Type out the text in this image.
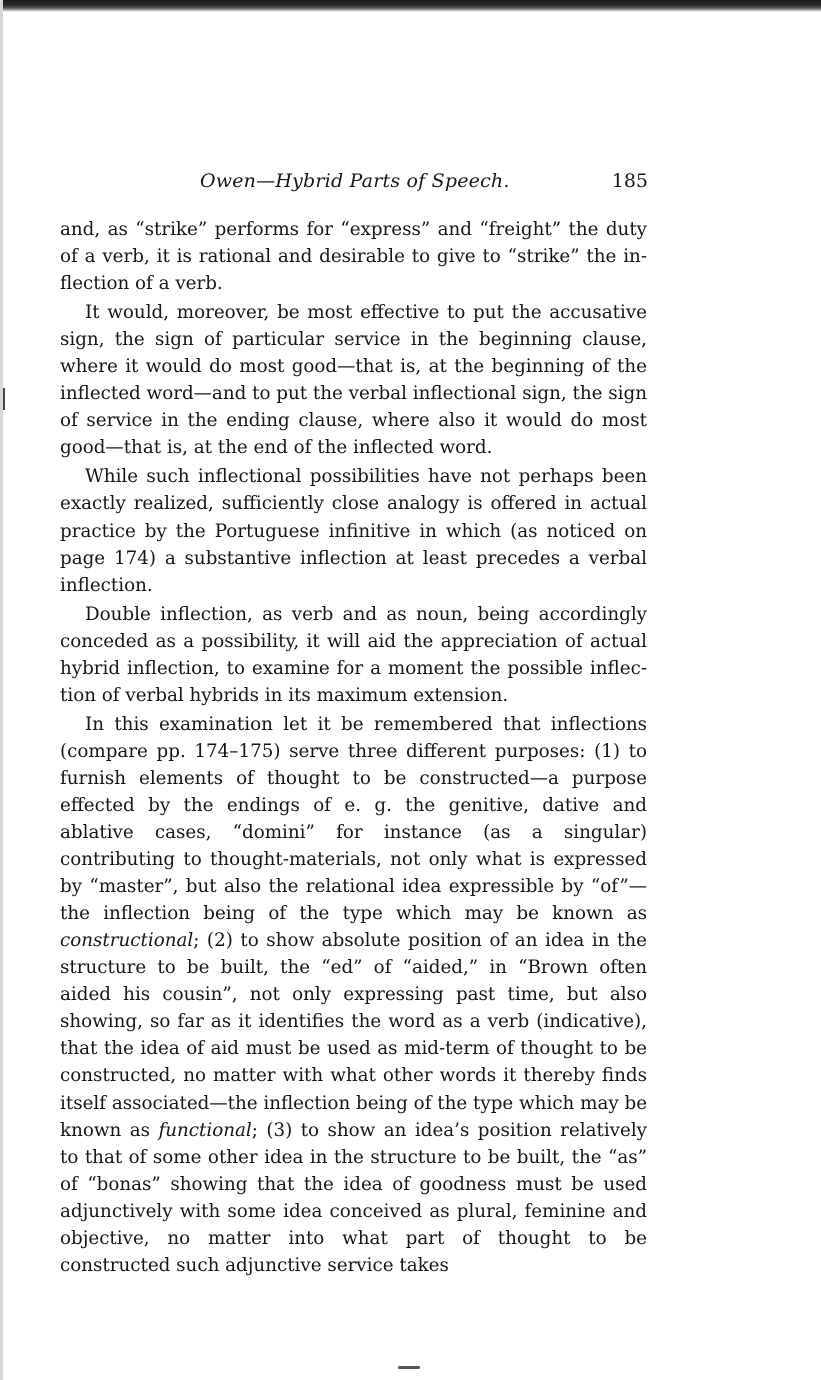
Owen—Hybrid Parts of Speech.	185

and, as “strike” performs for “express” and “freight” the duty of a verb, it is rational and desirable to give to “strike” the inflection of a verb.

It would, moreover, be most effective to put the accusative sign, the sign of particular service in the beginning clause, where it would do most good—that is, at the beginning of the inflected word—and to put the verbal inflectional sign, the sign of service in the ending clause, where also it would do most good—that is, at the end of the inflected word.

While such inflectional possibilities have not perhaps been exactly realized, sufficiently close analogy is offered in actual practice by the Portuguese infinitive in which (as noticed on page 174) a substantive inflection at least precedes a verbal inflection.

Double inflection, as verb and as noun, being accordingly conceded as a possibility, it will aid the appreciation of actual hybrid inflection, to examine for a moment the possible inflection of verbal hybrids in its maximum extension.

In this examination let it be remembered that inflections (compare pp. 174–175) serve three different purposes: (1) to furnish elements of thought to be constructed—a purpose effected by the endings of e. g. the genitive, dative and ablative cases, “domini” for instance (as a singular) contributing to thought-materials, not only what is expressed by “master”, but also the relational idea expressible by “of”—the inflection being of the type which may be known as constructional; (2) to show absolute position of an idea in the structure to be built, the “ed” of “aided,” in “Brown often aided his cousin”, not only expressing past time, but also showing, so far as it identifies the word as a verb (indicative), that the idea of aid must be used as mid-term of thought to be constructed, no matter with what other words it thereby finds itself associated—the inflection being of the type which may be known as functional; (3) to show an idea’s position relatively to that of some other idea in the structure to be built, the “as” of “bonas” showing that the idea of goodness must be used adjunctively with some idea conceived as plural, feminine and objective, no matter into what part of thought to be constructed such adjunctive service takes
